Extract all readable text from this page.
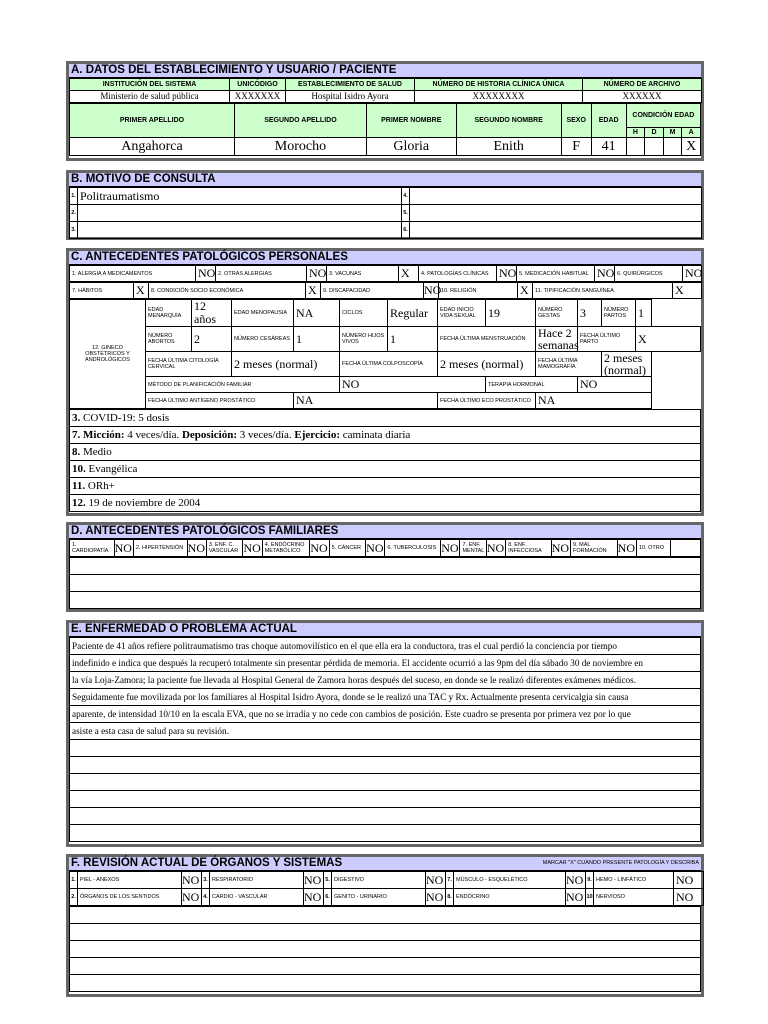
A. DATOS DEL ESTABLECIMIENTO Y USUARIO / PACIENTE
INSTITUCIÓN DEL SISTEMA	UNICÓDIGO	ESTABLECIMIENTO DE SALUD	NÚMERO DE HISTORIA CLÍNICA ÚNICA	NÚMERO DE ARCHIVO
Ministerio de salud pública	XXXXXXX	Hospital Isidro Ayora	XXXXXXXX	XXXXXX
PRIMER APELLIDO	SEGUNDO APELLIDO	PRIMER NOMBRE	SEGUNDO NOMBRE	SEXO	EDAD	CONDICIÓN EDAD			
						H	D	M	A
Angahorca	Morocho	Gloria	Enith	F	41				X
B. MOTIVO DE CONSULTA
1.	Politraumatismo	4.	
2.		5.	
3.		6.	
C. ANTECEDENTES PATOLÓGICOS PERSONALES
1. ALERGIA A MEDICAMENTOS	NO	2. OTRAS ALERGIAS	NO	3. VACUNAS	X	4. PATOLOGÍAS CLÍNICAS	NO	5. MEDICACIÓN HABITUAL	NO	6. QUIRÚRGICOS	NO
7. HÁBITOS	X	8. CONDICIÓN SOCIO ECONÓMICA	X	9. DISCAPACIDAD	NO	10. RELIGIÓN	X	11. TIPIFICACIÓN SANGUÍNEA	X
12. GINECO OBSTÉTRICOS Y ANDROLÓGICOS	EDAD MENARQUIA	12 años	EDAD MENOPAUSIA	NA	CICLOS	Regular	EDAD INICIO VIDA SEXUAL	19	NÚMERO GESTAS	3	NÚMERO PARTOS	1
	NÚMERO ABORTOS	2	NÚMERO CESÁREAS	1	NÚMERO HIJOS VIVOS	1	FECHA ÚLTIMA MENSTRUACIÓN		Hace 2 semanas	FECHA ÚLTIMO PARTO		X
	FECHA ÚLTIMA CITOLOGÍA CERVICAL		2 meses (normal)		FECHA ÚLTIMA COLPOSCOPÍA		2 meses (normal)		FECHA ÚLTIMA MAMOGRAFÍA		2 meses (normal)	
	MÉTODO DE PLANIFICACIÓN FAMILIAR				NO			TERAPIA HORMONAL		NO		
	FECHA ÚLTIMO ANTÍGENO PROSTÁTICO			NA			FECHA ÚLTIMO ECO PROSTÁTICO		NA			
3. COVID-19: 5 dosis
7. Micción: 4 veces/día. Deposición: 3 veces/día. Ejercicio: caminata diaria
8. Medio
10. Evangélica
11. ORh+
12. 19 de noviembre de 2004
D. ANTECEDENTES PATOLÓGICOS FAMILIARES
1. CARDIOPATÍA	NO	2. HIPERTENSIÓN	NO	3. ENF. C. VASCULAR	NO	4. ENDÓCRINO METABÓLICO	NO	5. CÁNCER	NO	6. TUBERCULOSIS	NO	7. ENF. MENTAL	NO	8. ENF. INFECCIOSA	NO	9. MAL FORMACIÓN	NO	10. OTRO	

E. ENFERMEDAD O PROBLEMA ACTUAL
Paciente de 41 años refiere politraumatismo tras choque automovilístico en el que ella era la conductora, tras el cual perdió la conciencia por tiempo
indefinido e indica que después la recuperó totalmente sin presentar pérdida de memoria. El accidente ocurrió a las 9pm del día sábado 30 de noviembre en
la vía Loja-Zamora; la paciente fue llevada al Hospital General de Zamora horas después del suceso, en donde se le realizó diferentes exámenes médicos.
Seguidamente fue movilizada por los familiares al Hospital Isidro Ayora, donde se le realizó una TAC y Rx. Actualmente presenta cervicalgia sin causa
aparente, de intensidad 10/10 en la escala EVA, que no se irradia y no cede con cambios de posición. Este cuadro se presenta por primera vez por lo que
asiste a esta casa de salud para su revisión.

F. REVISIÓN ACTUAL DE ÓRGANOS Y SISTEMAS	MARCAR "X" CUANDO PRESENTE PATOLOGÍA Y DESCRIBA
1.	PIEL - ANEXOS	NO	3.	RESPIRATORIO	NO	5.	DIGESTIVO	NO	7.	MÚSCULO - ESQUELÉTICO	NO	9.	HEMO - LINFÁTICO	NO
2.	ÓRGANOS DE LOS SENTIDOS	NO	4.	CARDIO - VASCULAR	NO	6.	GENITO - URINARIO	NO	8.	ENDÓCRINO	NO	10	NERVIOSO	NO
